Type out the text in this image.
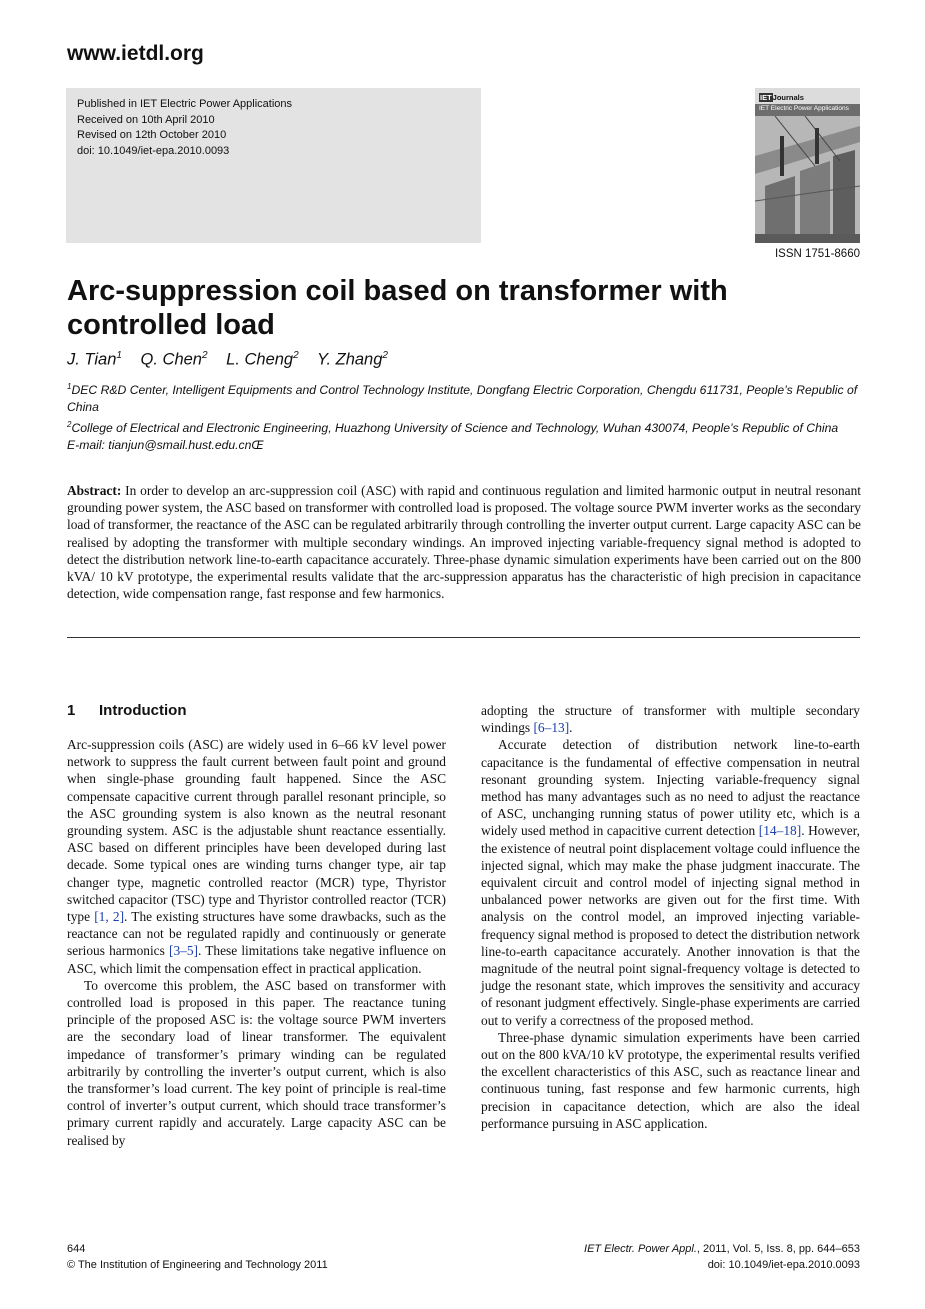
www.ietdl.org
Published in IET Electric Power Applications
Received on 10th April 2010
Revised on 12th October 2010
doi: 10.1049/iet-epa.2010.0093
IETJournals
IET Electric Power Applications
ISSN 1751-8660
Arc-suppression coil based on transformer with controlled load
J. Tian$^1$ Q. Chen$^2$ L. Cheng$^2$ Y. Zhang$^2$
$^1$DEC R&D Center, Intelligent Equipments and Control Technology Institute, Dongfang Electric Corporation, Chengdu 611731, People’s Republic of China
$^2$College of Electrical and Electronic Engineering, Huazhong University of Science and Technology, Wuhan 430074, People’s Republic of China
E-mail: tianjun@smail.hust.edu.cnŒ
Abstract: In order to develop an arc-suppression coil (ASC) with rapid and continuous regulation and limited harmonic output in neutral resonant grounding power system, the ASC based on transformer with controlled load is proposed. The voltage source PWM inverter works as the secondary load of transformer, the reactance of the ASC can be regulated arbitrarily through controlling the inverter output current. Large capacity ASC can be realised by adopting the transformer with multiple secondary windings. An improved injecting variable-frequency signal method is adopted to detect the distribution network line-to-earth capacitance accurately. Three-phase dynamic simulation experiments have been carried out on the 800 kVA/ 10 kV prototype, the experimental results validate that the arc-suppression apparatus has the characteristic of high precision in capacitance detection, wide compensation range, fast response and few harmonics.
1 Introduction

Arc-suppression coils (ASC) are widely used in 6–66 kV level power network to suppress the fault current between fault point and ground when single-phase grounding fault happened. Since the ASC compensate capacitive current through parallel resonant principle, so the ASC grounding system is also known as the neutral resonant grounding system. ASC is the adjustable shunt reactance essentially. ASC based on different principles have been developed during last decade. Some typical ones are winding turns changer type, air tap changer type, magnetic controlled reactor (MCR) type, Thyristor switched capacitor (TSC) type and Thyristor controlled reactor (TCR) type [1, 2]. The existing structures have some drawbacks, such as the reactance can not be regulated rapidly and continuously or generate serious harmonics [3–5]. These limitations take negative influence on ASC, which limit the compensation effect in practical application.

To overcome this problem, the ASC based on transformer with controlled load is proposed in this paper. The reactance tuning principle of the proposed ASC is: the voltage source PWM inverters are the secondary load of linear transformer. The equivalent impedance of transformer’s primary winding can be regulated arbitrarily by controlling the inverter’s output current, which is also the transformer’s load current. The key point of principle is real-time control of inverter’s output current, which should trace transformer’s primary current rapidly and accurately. Large capacity ASC can be realised by

adopting the structure of transformer with multiple secondary windings [6–13].

Accurate detection of distribution network line-to-earth capacitance is the fundamental of effective compensation in neutral resonant grounding system. Injecting variable-frequency signal method has many advantages such as no need to adjust the reactance of ASC, unchanging running status of power utility etc, which is a widely used method in capacitive current detection [14–18]. However, the existence of neutral point displacement voltage could influence the injected signal, which may make the phase judgment inaccurate. The equivalent circuit and control model of injecting signal method in unbalanced power networks are given out for the first time. With analysis on the control model, an improved injecting variable-frequency signal method is proposed to detect the distribution network line-to-earth capacitance accurately. Another innovation is that the magnitude of the neutral point signal-frequency voltage is detected to judge the resonant state, which improves the sensitivity and accuracy of resonant judgment effectively. Single-phase experiments are carried out to verify a correctness of the proposed method.

Three-phase dynamic simulation experiments have been carried out on the 800 kVA/10 kV prototype, the experimental results verified the excellent characteristics of this ASC, such as reactance linear and continuous tuning, fast response and few harmonic currents, high precision in capacitance detection, which are also the ideal performance pursuing in ASC application.

644
© The Institution of Engineering and Technology 2011
IET Electr. Power Appl., 2011, Vol. 5, Iss. 8, pp. 644–653
doi: 10.1049/iet-epa.2010.0093
